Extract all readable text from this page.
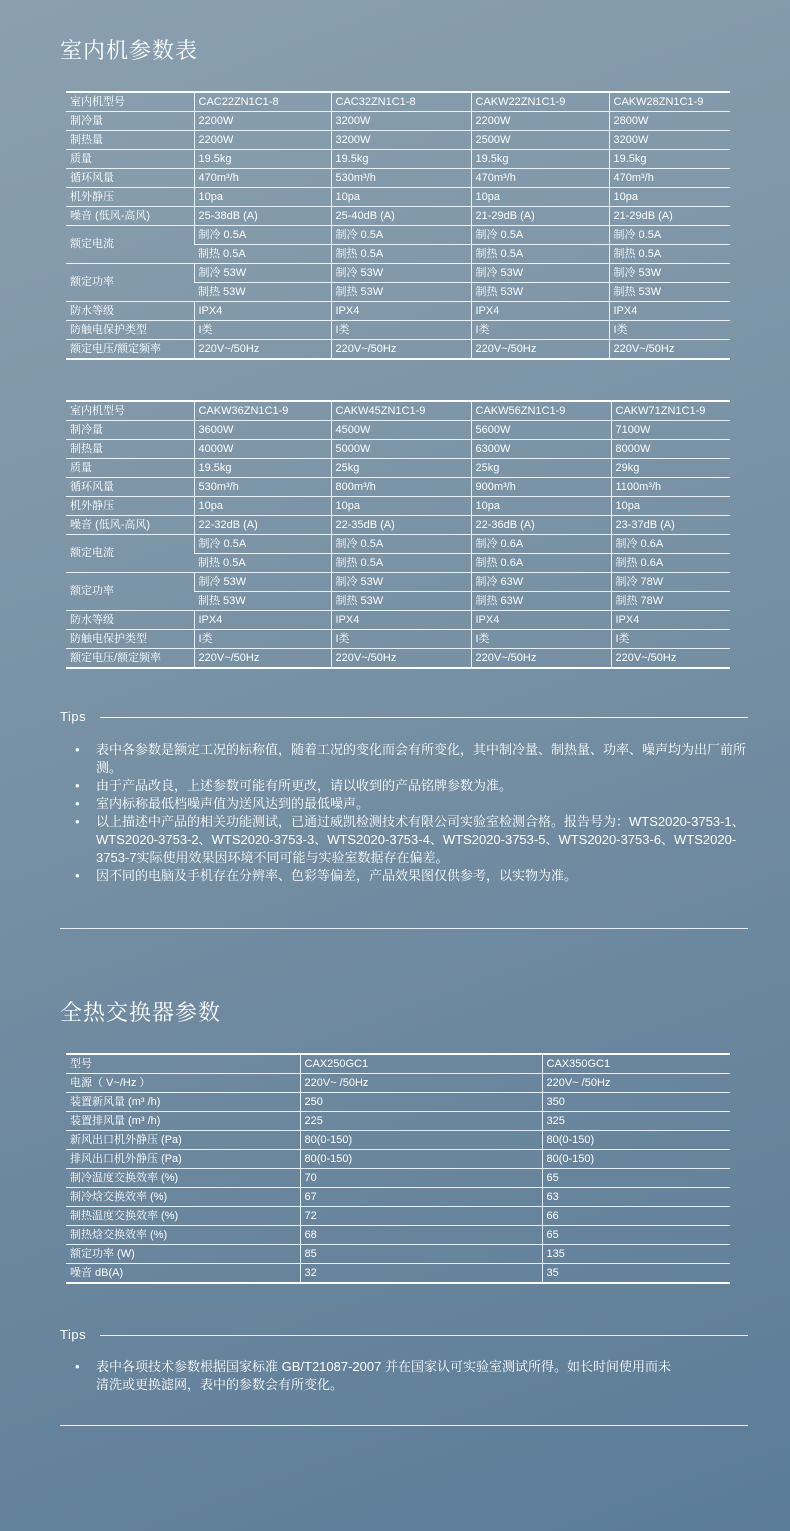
室内机参数表
室内机型号	CAC22ZN1C1-8	CAC32ZN1C1-8	CAKW22ZN1C1-9	CAKW28ZN1C1-9
制冷量	2200W	3200W	2200W	2800W
制热量	2200W	3200W	2500W	3200W
质量	19.5kg	19.5kg	19.5kg	19.5kg
循环风量	470m³/h	530m³/h	470m³/h	470m³/h
机外静压	10pa	10pa	10pa	10pa
噪音 (低风-高风)	25-38dB (A)	25-40dB (A)	21-29dB (A)	21-29dB (A)
额定电流	制冷 0.5A	制冷 0.5A	制冷 0.5A	制冷 0.5A
	制热 0.5A	制热 0.5A	制热 0.5A	制热 0.5A
额定功率	制冷 53W	制冷 53W	制冷 53W	制冷 53W
	制热 53W	制热 53W	制热 53W	制热 53W
防水等级	IPX4	IPX4	IPX4	IPX4
防触电保护类型	I类	I类	I类	I类
额定电压/额定频率	220V~/50Hz	220V~/50Hz	220V~/50Hz	220V~/50Hz
室内机型号	CAKW36ZN1C1-9	CAKW45ZN1C1-9	CAKW56ZN1C1-9	CAKW71ZN1C1-9
制冷量	3600W	4500W	5600W	7100W
制热量	4000W	5000W	6300W	8000W
质量	19.5kg	25kg	25kg	29kg
循环风量	530m³/h	800m³/h	900m³/h	1100m³/h
机外静压	10pa	10pa	10pa	10pa
噪音 (低风-高风)	22-32dB (A)	22-35dB (A)	22-36dB (A)	23-37dB (A)
额定电流	制冷 0.5A	制冷 0.5A	制冷 0.6A	制冷 0.6A
	制热 0.5A	制热 0.5A	制热 0.6A	制热 0.6A
额定功率	制冷 53W	制冷 53W	制冷 63W	制冷 78W
	制热 53W	制热 53W	制热 63W	制热 78W
防水等级	IPX4	IPX4	IPX4	IPX4
防触电保护类型	I类	I类	I类	I类
额定电压/额定频率	220V~/50Hz	220V~/50Hz	220V~/50Hz	220V~/50Hz
Tips
• 表中各参数是额定工况的标称值，随着工况的变化而会有所变化，其中制冷量、制热量、功率、噪声均为出厂前所测。
• 由于产品改良，上述参数可能有所更改，请以收到的产品铭牌参数为准。
• 室内标称最低档噪声值为送风达到的最低噪声。
• 以上描述中产品的相关功能测试，已通过威凯检测技术有限公司实验室检测合格。报告号为：WTS2020-3753-1、WTS2020-3753-2、WTS2020-3753-3、WTS2020-3753-4、WTS2020-3753-5、WTS2020-3753-6、WTS2020-3753-7实际使用效果因环境不同可能与实验室数据存在偏差。
• 因不同的电脑及手机存在分辨率、色彩等偏差，产品效果图仅供参考，以实物为准。
全热交换器参数
型号	CAX250GC1	CAX350GC1
电源（ V~/Hz ）	220V~ /50Hz	220V~ /50Hz
装置新风量 (m³ /h)	250	350
装置排风量 (m³ /h)	225	325
新风出口机外静压 (Pa)	80(0-150)	80(0-150)
排风出口机外静压 (Pa)	80(0-150)	80(0-150)
制冷温度交换效率 (%)	70	65
制冷焓交换效率 (%)	67	63
制热温度交换效率 (%)	72	66
制热焓交换效率 (%)	68	65
额定功率 (W)	85	135
噪音 dB(A)	32	35
Tips
• 表中各项技术参数根据国家标准 GB/T21087-2007 并在国家认可实验室测试所得。如长时间使用而未清洗或更换滤网，表中的参数会有所变化。
